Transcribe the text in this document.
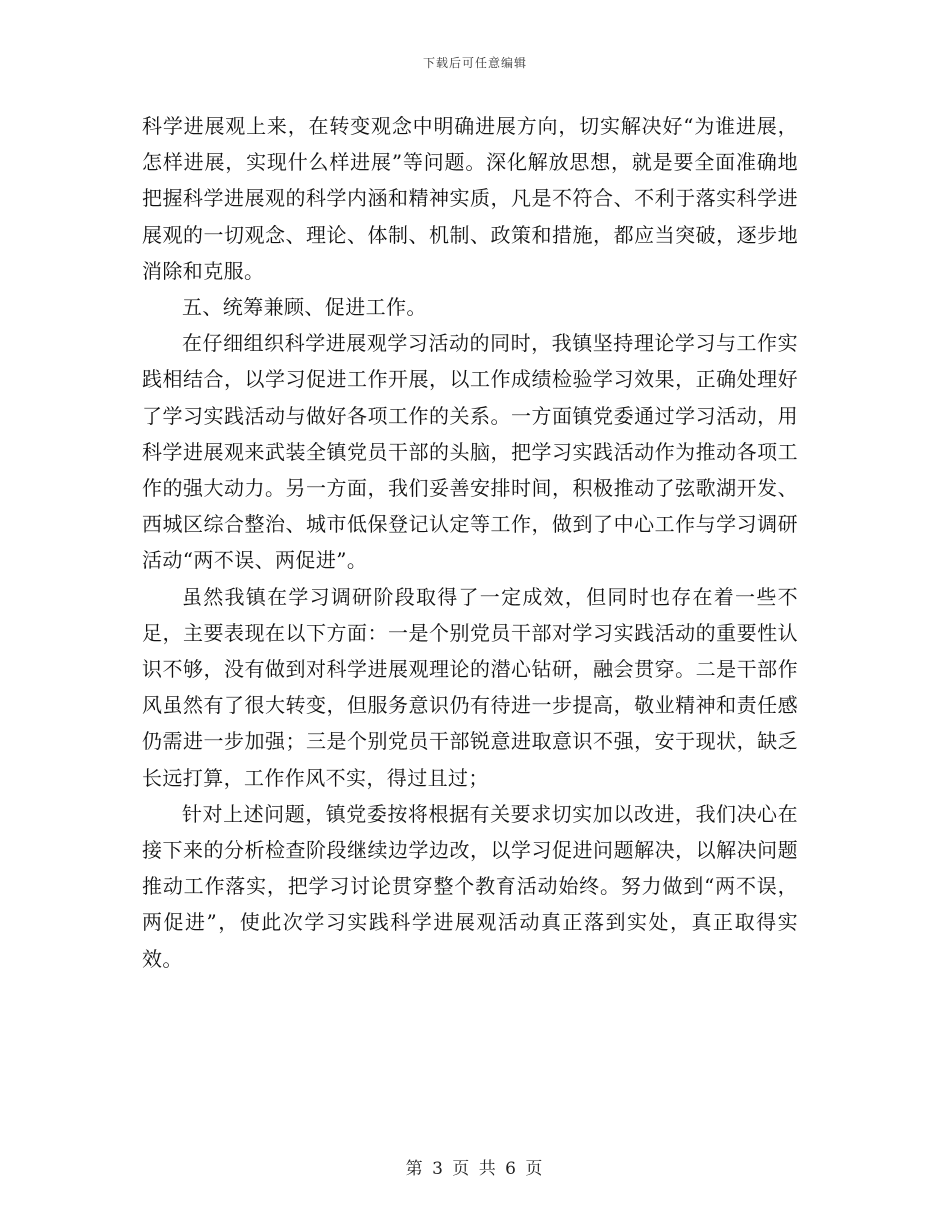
下载后可任意编辑

科学进展观上来，在转变观念中明确进展方向，切实解决好“为谁进展，怎样进展，实现什么样进展”等问题。深化解放思想，就是要全面准确地把握科学进展观的科学内涵和精神实质，凡是不符合、不利于落实科学进展观的一切观念、理论、体制、机制、政策和措施，都应当突破，逐步地消除和克服。

五、统筹兼顾、促进工作。

在仔细组织科学进展观学习活动的同时，我镇坚持理论学习与工作实践相结合，以学习促进工作开展，以工作成绩检验学习效果，正确处理好了学习实践活动与做好各项工作的关系。一方面镇党委通过学习活动，用科学进展观来武装全镇党员干部的头脑，把学习实践活动作为推动各项工作的强大动力。另一方面，我们妥善安排时间，积极推动了弦歌湖开发、西城区综合整治、城市低保登记认定等工作，做到了中心工作与学习调研活动“两不误、两促进”。

虽然我镇在学习调研阶段取得了一定成效，但同时也存在着一些不足，主要表现在以下方面：一是个别党员干部对学习实践活动的重要性认识不够，没有做到对科学进展观理论的潜心钻研，融会贯穿。二是干部作风虽然有了很大转变，但服务意识仍有待进一步提高，敬业精神和责任感仍需进一步加强；三是个别党员干部锐意进取意识不强，安于现状，缺乏长远打算，工作作风不实，得过且过；

针对上述问题，镇党委按将根据有关要求切实加以改进，我们决心在接下来的分析检查阶段继续边学边改，以学习促进问题解决，以解决问题推动工作落实，把学习讨论贯穿整个教育活动始终。努力做到“两不误，两促进”，使此次学习实践科学进展观活动真正落到实处，真正取得实效。

第 3 页 共 6 页
